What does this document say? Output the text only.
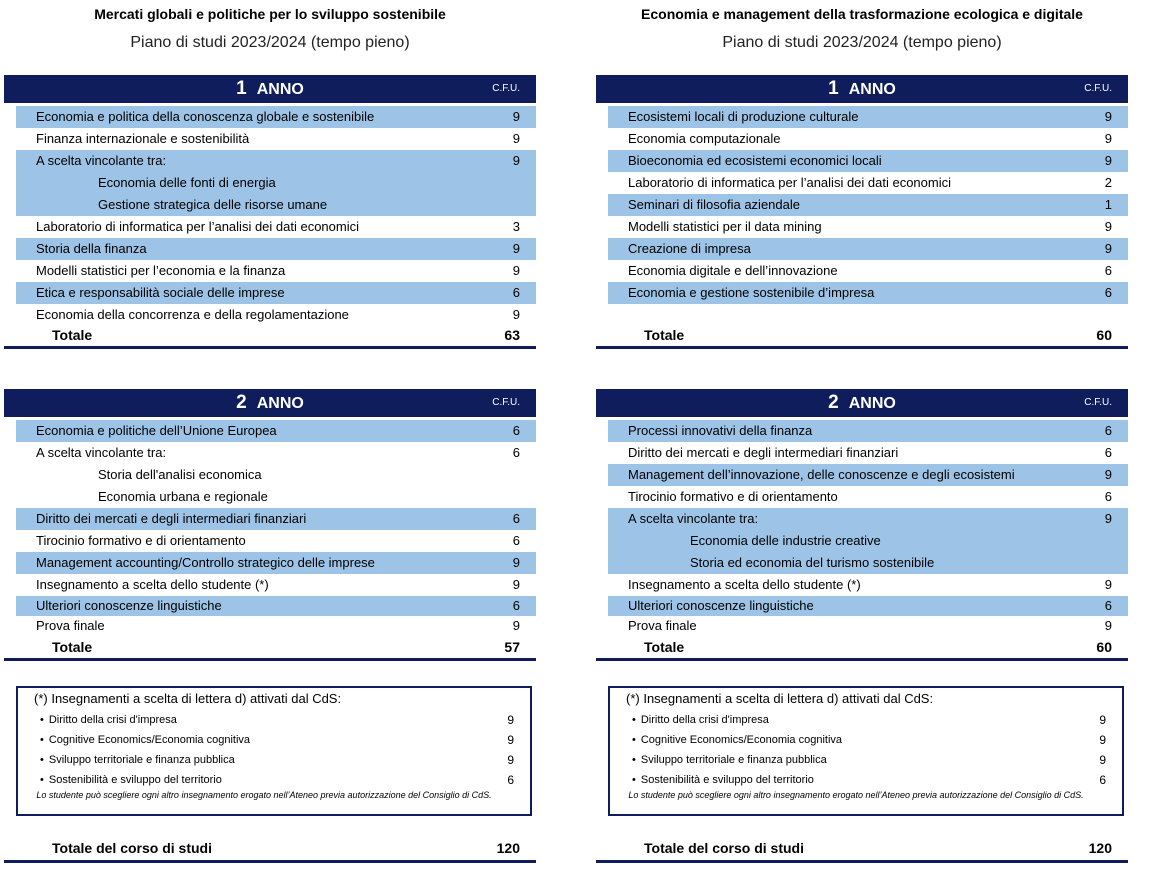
Mercati globali e politiche per lo sviluppo sostenibile
Piano di studi 2023/2024 (tempo pieno)
1 ANNO	C.F.U.
Economia e politica della conoscenza globale e sostenibile	9
Finanza internazionale e sostenibilità	9
A scelta vincolante tra:	9
Economia delle fonti di energia
Gestione strategica delle risorse umane
Laboratorio di informatica per l’analisi dei dati economici	3
Storia della finanza	9
Modelli statistici per l’economia e la finanza	9
Etica e responsabilità sociale delle imprese	6
Economia della concorrenza e della regolamentazione	9
Totale	63
2 ANNO	C.F.U.
Economia e politiche dell’Unione Europea	6
A scelta vincolante tra:	6
Storia dell'analisi economica
Economia urbana e regionale
Diritto dei mercati e degli intermediari finanziari	6
Tirocinio formativo e di orientamento	6
Management accounting/Controllo strategico delle imprese	9
Insegnamento a scelta dello studente (*)	9
Ulteriori conoscenze linguistiche	6
Prova finale	9
Totale	57
(*) Insegnamenti a scelta di lettera d) attivati dal CdS:
• Diritto della crisi d'impresa	9
• Cognitive Economics/Economia cognitiva	9
• Sviluppo territoriale e finanza pubblica	9
• Sostenibilità e sviluppo del territorio	6
Lo studente può scegliere ogni altro insegnamento erogato nell’Ateneo previa autorizzazione del Consiglio di CdS.
Totale del corso di studi	120
Economia e management della trasformazione ecologica e digitale
Piano di studi 2023/2024 (tempo pieno)
1 ANNO	C.F.U.
Ecosistemi locali di produzione culturale	9
Economia computazionale	9
Bioeconomia ed ecosistemi economici locali	9
Laboratorio di informatica per l’analisi dei dati economici	2
Seminari di filosofia aziendale	1
Modelli statistici per il data mining	9
Creazione di impresa	9
Economia digitale e dell’innovazione	6
Economia e gestione sostenibile d’impresa	6
Totale	60
2 ANNO	C.F.U.
Processi innovativi della finanza	6
Diritto dei mercati e degli intermediari finanziari	6
Management dell’innovazione, delle conoscenze e degli ecosistemi	9
Tirocinio formativo e di orientamento	6
A scelta vincolante tra:	9
Economia delle industrie creative
Storia ed economia del turismo sostenibile
Insegnamento a scelta dello studente (*)	9
Ulteriori conoscenze linguistiche	6
Prova finale	9
Totale	60
(*) Insegnamenti a scelta di lettera d) attivati dal CdS:
• Diritto della crisi d'impresa	9
• Cognitive Economics/Economia cognitiva	9
• Sviluppo territoriale e finanza pubblica	9
• Sostenibilità e sviluppo del territorio	6
Lo studente può scegliere ogni altro insegnamento erogato nell’Ateneo previa autorizzazione del Consiglio di CdS.
Totale del corso di studi	120
